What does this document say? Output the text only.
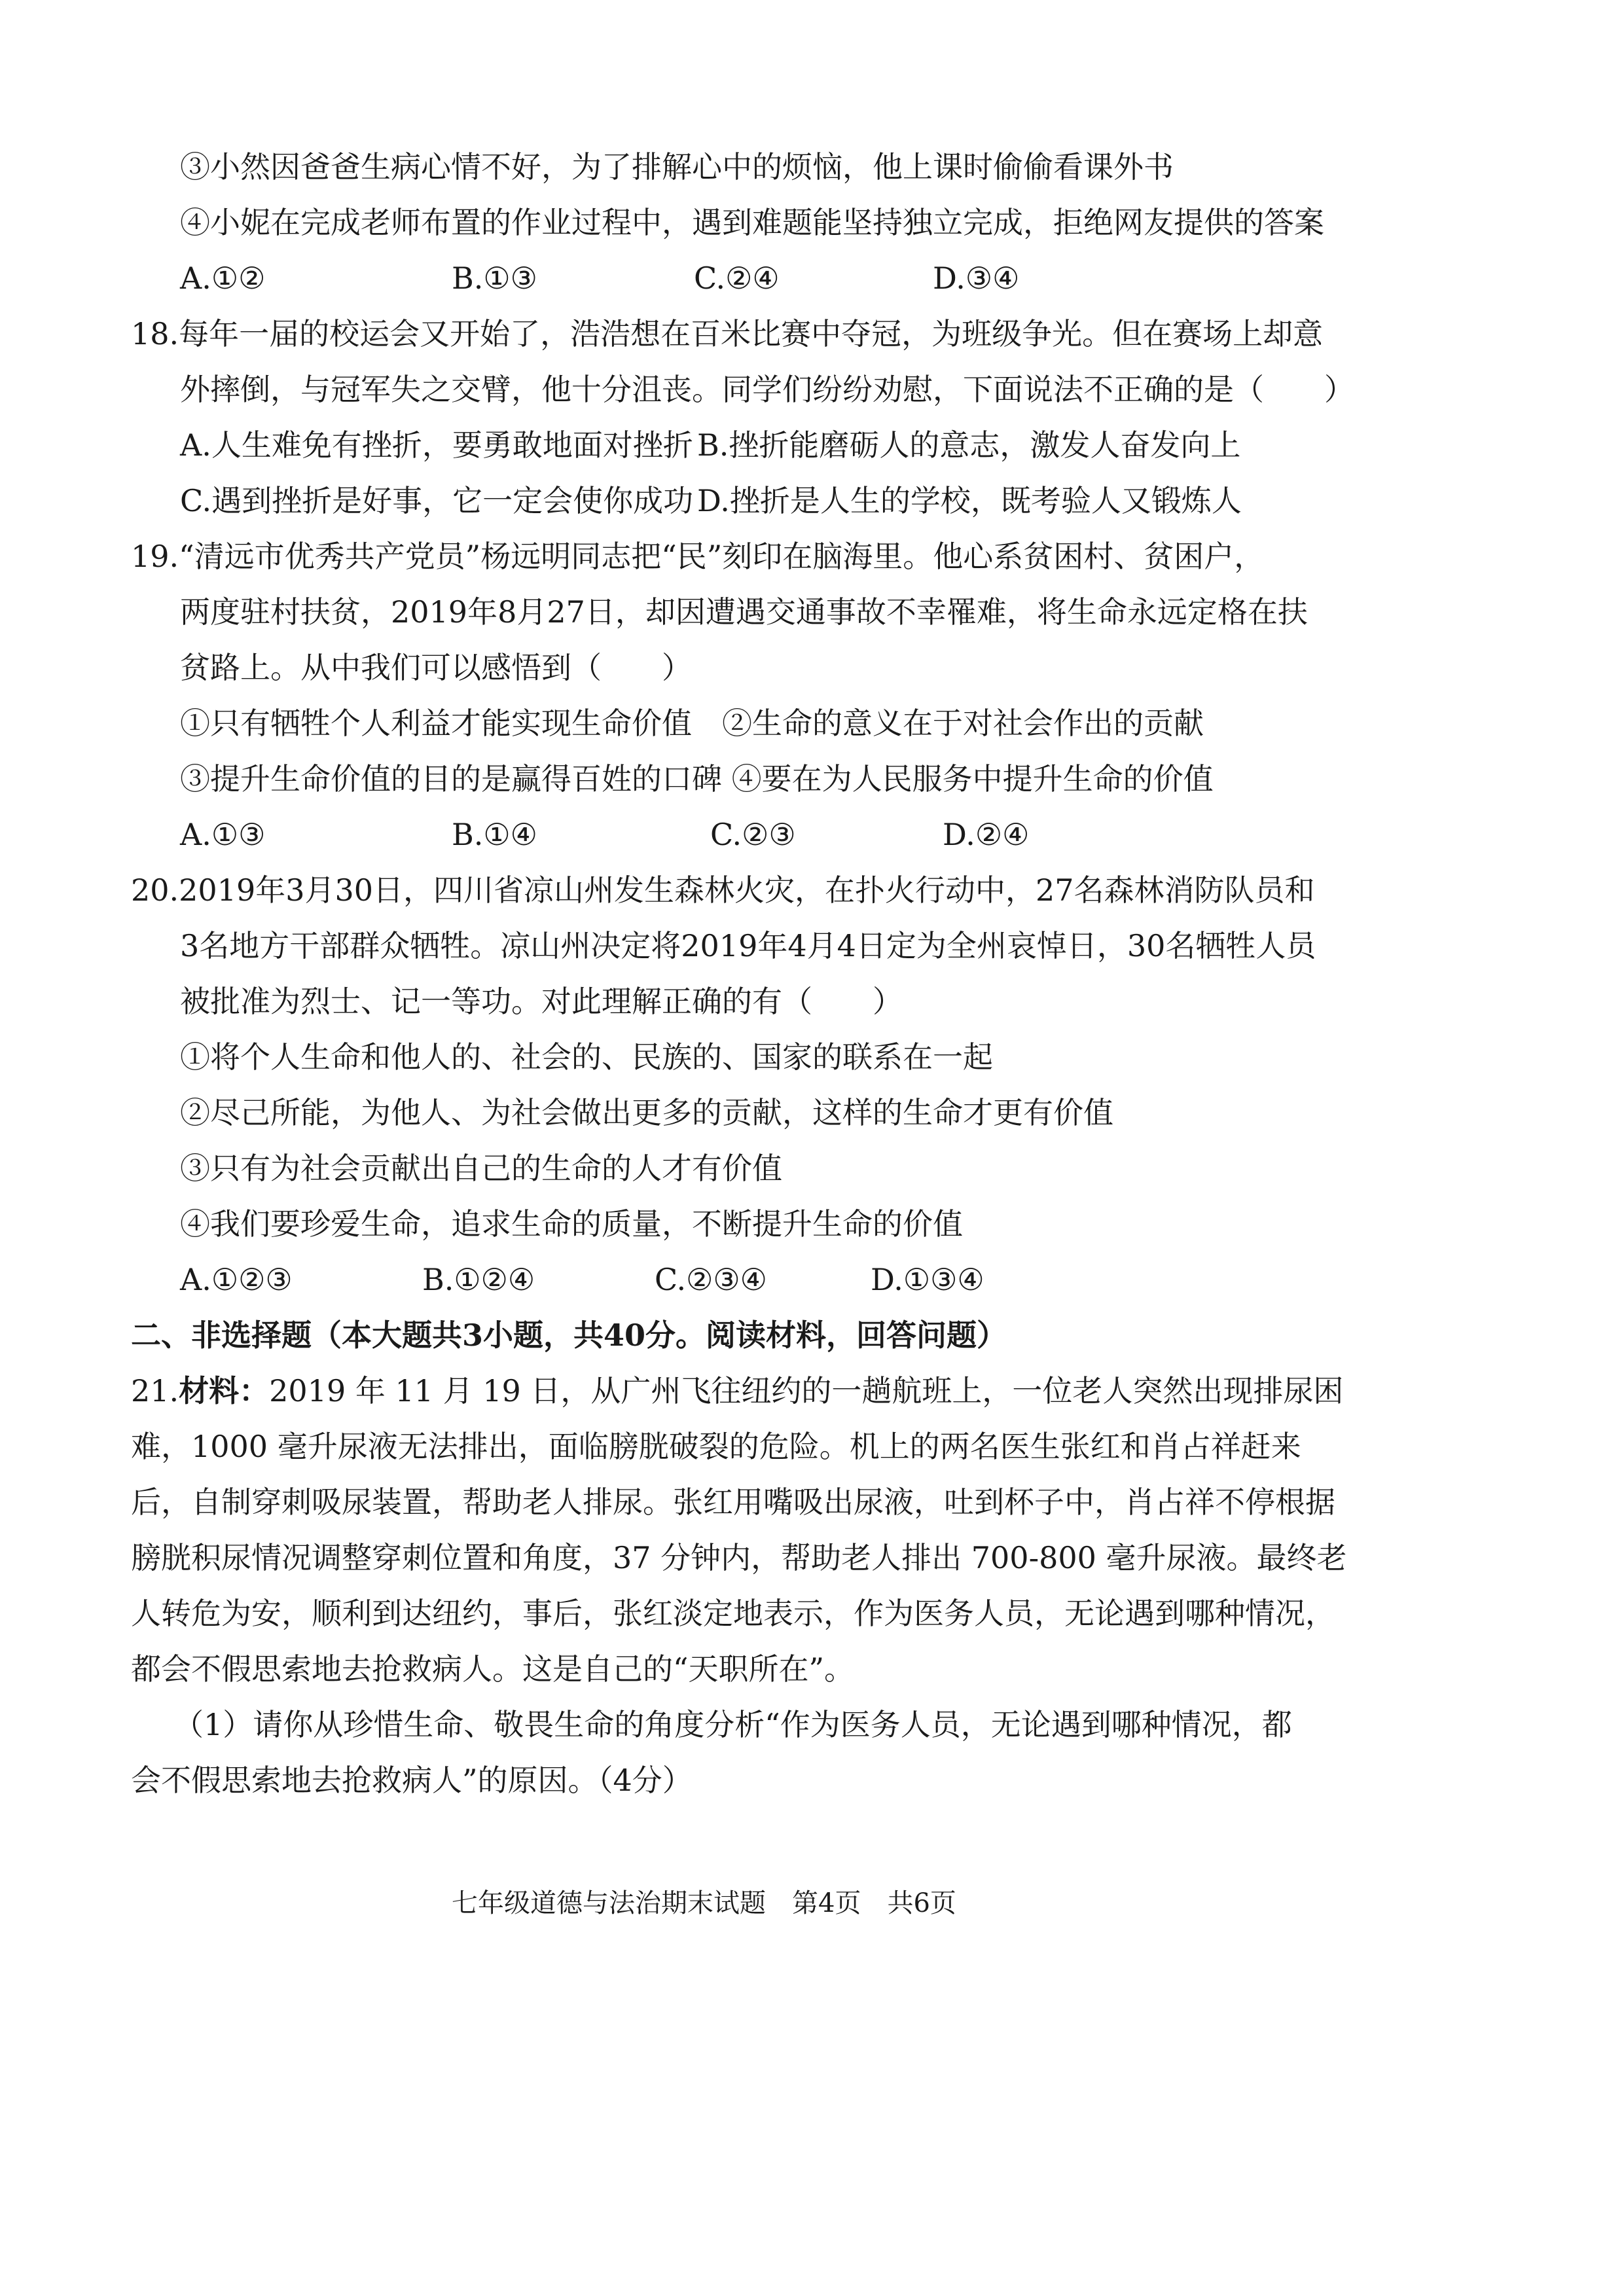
③小然因爸爸生病心情不好，为了排解心中的烦恼，他上课时偷偷看课外书
④小妮在完成老师布置的作业过程中，遇到难题能坚持独立完成，拒绝网友提供的答案
A.①②	B.①③	C.②④	D.③④
18.每年一届的校运会又开始了，浩浩想在百米比赛中夺冠，为班级争光。但在赛场上却意
外摔倒，与冠军失之交臂，他十分沮丧。同学们纷纷劝慰，下面说法不正确的是（　　）
A.人生难免有挫折，要勇敢地面对挫折 B.挫折能磨砺人的意志，激发人奋发向上
C.遇到挫折是好事，它一定会使你成功 D.挫折是人生的学校，既考验人又锻炼人
19.“清远市优秀共产党员”杨远明同志把“民”刻印在脑海里。他心系贫困村、贫困户，
两度驻村扶贫，2019年8月27日，却因遭遇交通事故不幸罹难，将生命永远定格在扶
贫路上。从中我们可以感悟到（　　）
①只有牺牲个人利益才能实现生命价值　②生命的意义在于对社会作出的贡献
③提升生命价值的目的是赢得百姓的口碑 ④要在为人民服务中提升生命的价值
A.①③	B.①④	C.②③	D.②④
20.2019年3月30日，四川省凉山州发生森林火灾，在扑火行动中，27名森林消防队员和
3名地方干部群众牺牲。凉山州决定将2019年4月4日定为全州哀悼日，30名牺牲人员
被批准为烈士、记一等功。对此理解正确的有（　　）
①将个人生命和他人的、社会的、民族的、国家的联系在一起
②尽己所能，为他人、为社会做出更多的贡献，这样的生命才更有价值
③只有为社会贡献出自己的生命的人才有价值
④我们要珍爱生命，追求生命的质量，不断提升生命的价值
A.①②③	B.①②④	C.②③④	D.①③④
二、非选择题（本大题共3小题，共40分。阅读材料，回答问题）
21.材料：2019 年 11 月 19 日，从广州飞往纽约的一趟航班上，一位老人突然出现排尿困
难，1000 毫升尿液无法排出，面临膀胱破裂的危险。机上的两名医生张红和肖占祥赶来
后，自制穿刺吸尿装置，帮助老人排尿。张红用嘴吸出尿液，吐到杯子中，肖占祥不停根据
膀胱积尿情况调整穿刺位置和角度，37 分钟内，帮助老人排出 700-800 毫升尿液。最终老
人转危为安，顺利到达纽约，事后，张红淡定地表示，作为医务人员，无论遇到哪种情况，
都会不假思索地去抢救病人。这是自己的“天职所在”。
（1）请你从珍惜生命、敬畏生命的角度分析“作为医务人员，无论遇到哪种情况，都
会不假思索地去抢救病人”的原因。（4分）
七年级道德与法治期末试题　第4页　共6页
